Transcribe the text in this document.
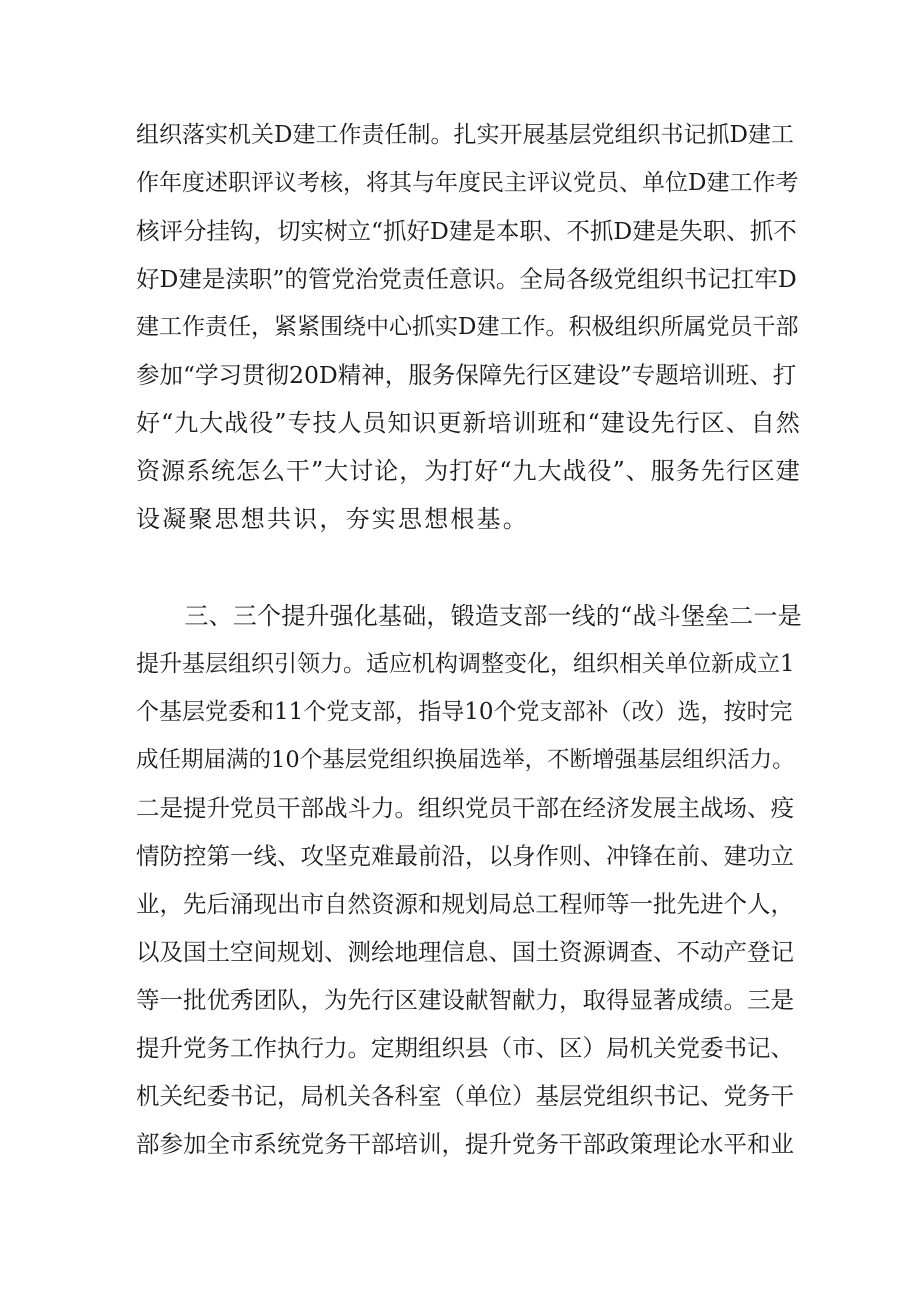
组织落实机关D建工作责任制。扎实开展基层党组织书记抓D建工
作年度述职评议考核，将其与年度民主评议党员、单位D建工作考
核评分挂钩，切实树立“抓好D建是本职、不抓D建是失职、抓不
好D建是渎职”的管党治党责任意识。全局各级党组织书记扛牢D
建工作责任，紧紧围绕中心抓实D建工作。积极组织所属党员干部
参加“学习贯彻20D精神，服务保障先行区建设”专题培训班、打
好“九大战役”专技人员知识更新培训班和“建设先行区、自然
资源系统怎么干”大讨论，为打好“九大战役”、服务先行区建
设凝聚思想共识，夯实思想根基。
　　三、三个提升强化基础，锻造支部一线的“战斗堡垒二一是
提升基层组织引领力。适应机构调整变化，组织相关单位新成立1
个基层党委和11个党支部，指导10个党支部补（改）选，按时完
成任期届满的10个基层党组织换届选举，不断增强基层组织活力。
二是提升党员干部战斗力。组织党员干部在经济发展主战场、疫
情防控第一线、攻坚克难最前沿，以身作则、冲锋在前、建功立
业，先后涌现出市自然资源和规划局总工程师等一批先进个人，
以及国土空间规划、测绘地理信息、国土资源调查、不动产登记
等一批优秀团队，为先行区建设献智献力，取得显著成绩。三是
提升党务工作执行力。定期组织县（市、区）局机关党委书记、
机关纪委书记，局机关各科室（单位）基层党组织书记、党务干
部参加全市系统党务干部培训，提升党务干部政策理论水平和业
